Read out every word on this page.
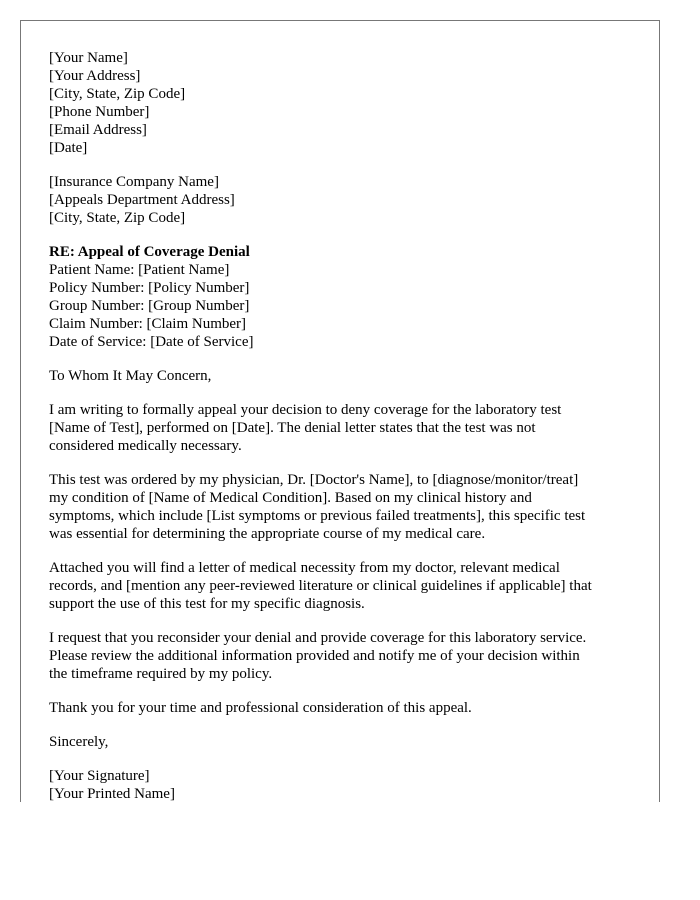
[Your Name]
[Your Address]
[City, State, Zip Code]
[Phone Number]
[Email Address]
[Date]
[Insurance Company Name]
[Appeals Department Address]
[City, State, Zip Code]
RE: Appeal of Coverage Denial
Patient Name: [Patient Name]
Policy Number: [Policy Number]
Group Number: [Group Number]
Claim Number: [Claim Number]
Date of Service: [Date of Service]
To Whom It May Concern,
I am writing to formally appeal your decision to deny coverage for the laboratory test
[Name of Test], performed on [Date]. The denial letter states that the test was not
considered medically necessary.
This test was ordered by my physician, Dr. [Doctor's Name], to [diagnose/monitor/treat]
my condition of [Name of Medical Condition]. Based on my clinical history and
symptoms, which include [List symptoms or previous failed treatments], this specific test
was essential for determining the appropriate course of my medical care.
Attached you will find a letter of medical necessity from my doctor, relevant medical
records, and [mention any peer-reviewed literature or clinical guidelines if applicable] that
support the use of this test for my specific diagnosis.
I request that you reconsider your denial and provide coverage for this laboratory service.
Please review the additional information provided and notify me of your decision within
the timeframe required by my policy.
Thank you for your time and professional consideration of this appeal.
Sincerely,
[Your Signature]
[Your Printed Name]
